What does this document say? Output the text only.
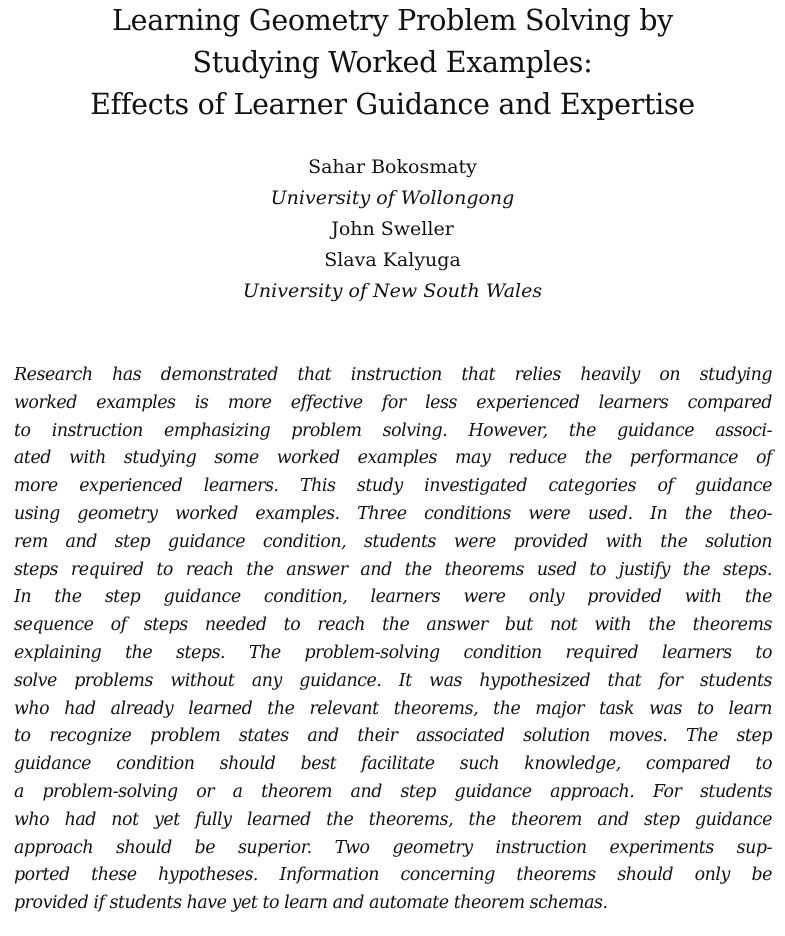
Learning Geometry Problem Solving by
Studying Worked Examples:
Effects of Learner Guidance and Expertise
Sahar Bokosmaty
University of Wollongong
John Sweller
Slava Kalyuga
University of New South Wales
Research has demonstrated that instruction that relies heavily on studying
worked examples is more effective for less experienced learners compared
to instruction emphasizing problem solving. However, the guidance associ-
ated with studying some worked examples may reduce the performance of
more experienced learners. This study investigated categories of guidance
using geometry worked examples. Three conditions were used. In the theo-
rem and step guidance condition, students were provided with the solution
steps required to reach the answer and the theorems used to justify the steps.
In the step guidance condition, learners were only provided with the
sequence of steps needed to reach the answer but not with the theorems
explaining the steps. The problem-solving condition required learners to
solve problems without any guidance. It was hypothesized that for students
who had already learned the relevant theorems, the major task was to learn
to recognize problem states and their associated solution moves. The step
guidance condition should best facilitate such knowledge, compared to
a problem-solving or a theorem and step guidance approach. For students
who had not yet fully learned the theorems, the theorem and step guidance
approach should be superior. Two geometry instruction experiments sup-
ported these hypotheses. Information concerning theorems should only be
provided if students have yet to learn and automate theorem schemas.
